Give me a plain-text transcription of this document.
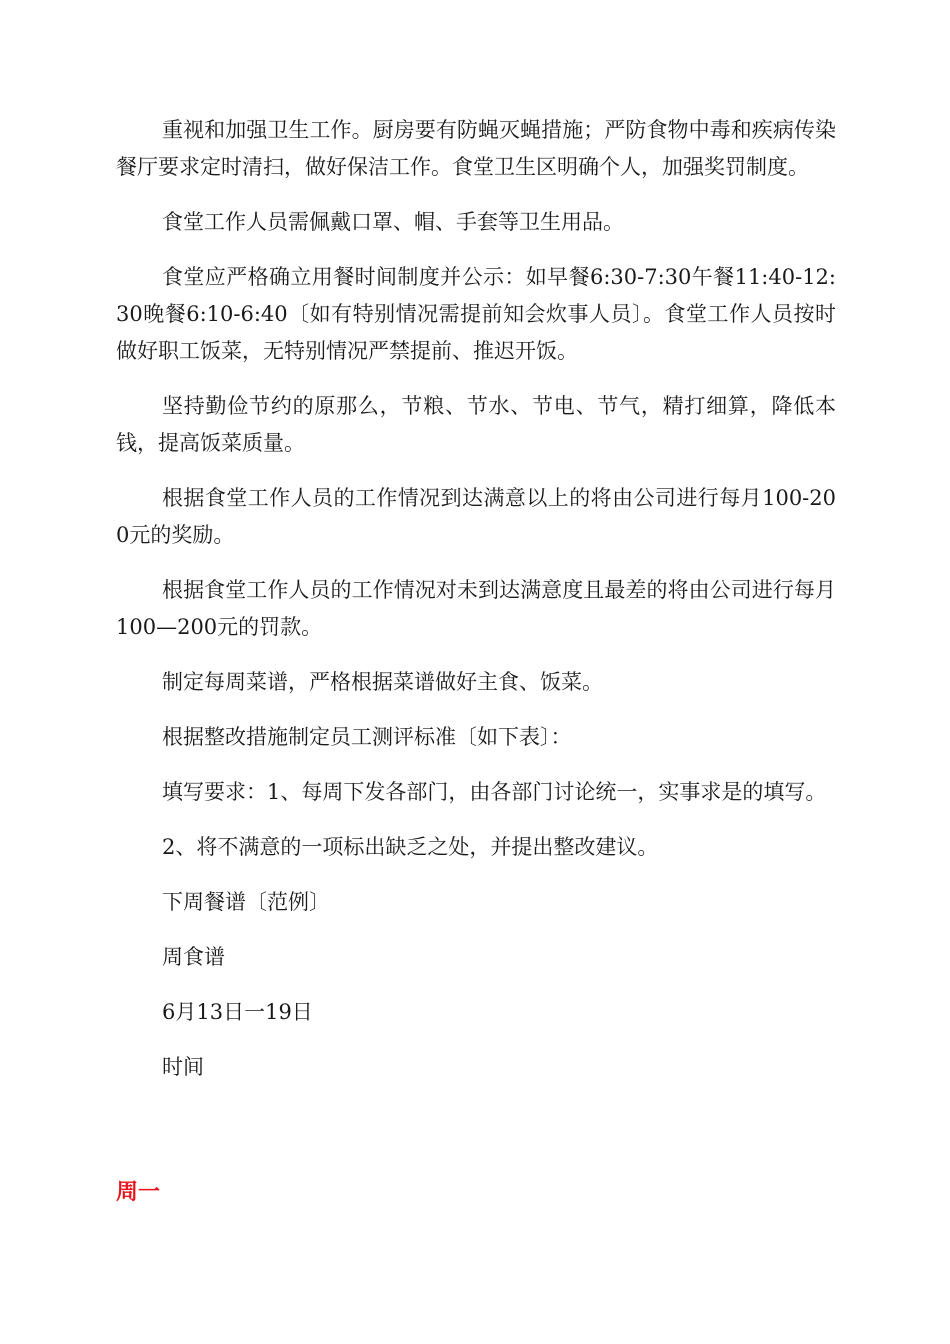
重视和加强卫生工作。厨房要有防蝇灭蝇措施；严防食物中毒和疾病传染餐厅要求定时清扫，做好保洁工作。食堂卫生区明确个人，加强奖罚制度。

食堂工作人员需佩戴口罩、帽、手套等卫生用品。

食堂应严格确立用餐时间制度并公示：如早餐6:30-7:30午餐11:40-12:30晚餐6:10-6:40〔如有特别情况需提前知会炊事人员〕。食堂工作人员按时做好职工饭菜，无特别情况严禁提前、推迟开饭。

坚持勤俭节约的原那么，节粮、节水、节电、节气，精打细算，降低本钱，提高饭菜质量。

根据食堂工作人员的工作情况到达满意以上的将由公司进行每月100-200元的奖励。

根据食堂工作人员的工作情况对未到达满意度且最差的将由公司进行每月100—200元的罚款。

制定每周菜谱，严格根据菜谱做好主食、饭菜。

根据整改措施制定员工测评标准〔如下表〕：

填写要求：1、每周下发各部门，由各部门讨论统一，实事求是的填写。

2、将不满意的一项标出缺乏之处，并提出整改建议。

下周餐谱〔范例〕

周食谱

6月13日一19日

时间

周一
